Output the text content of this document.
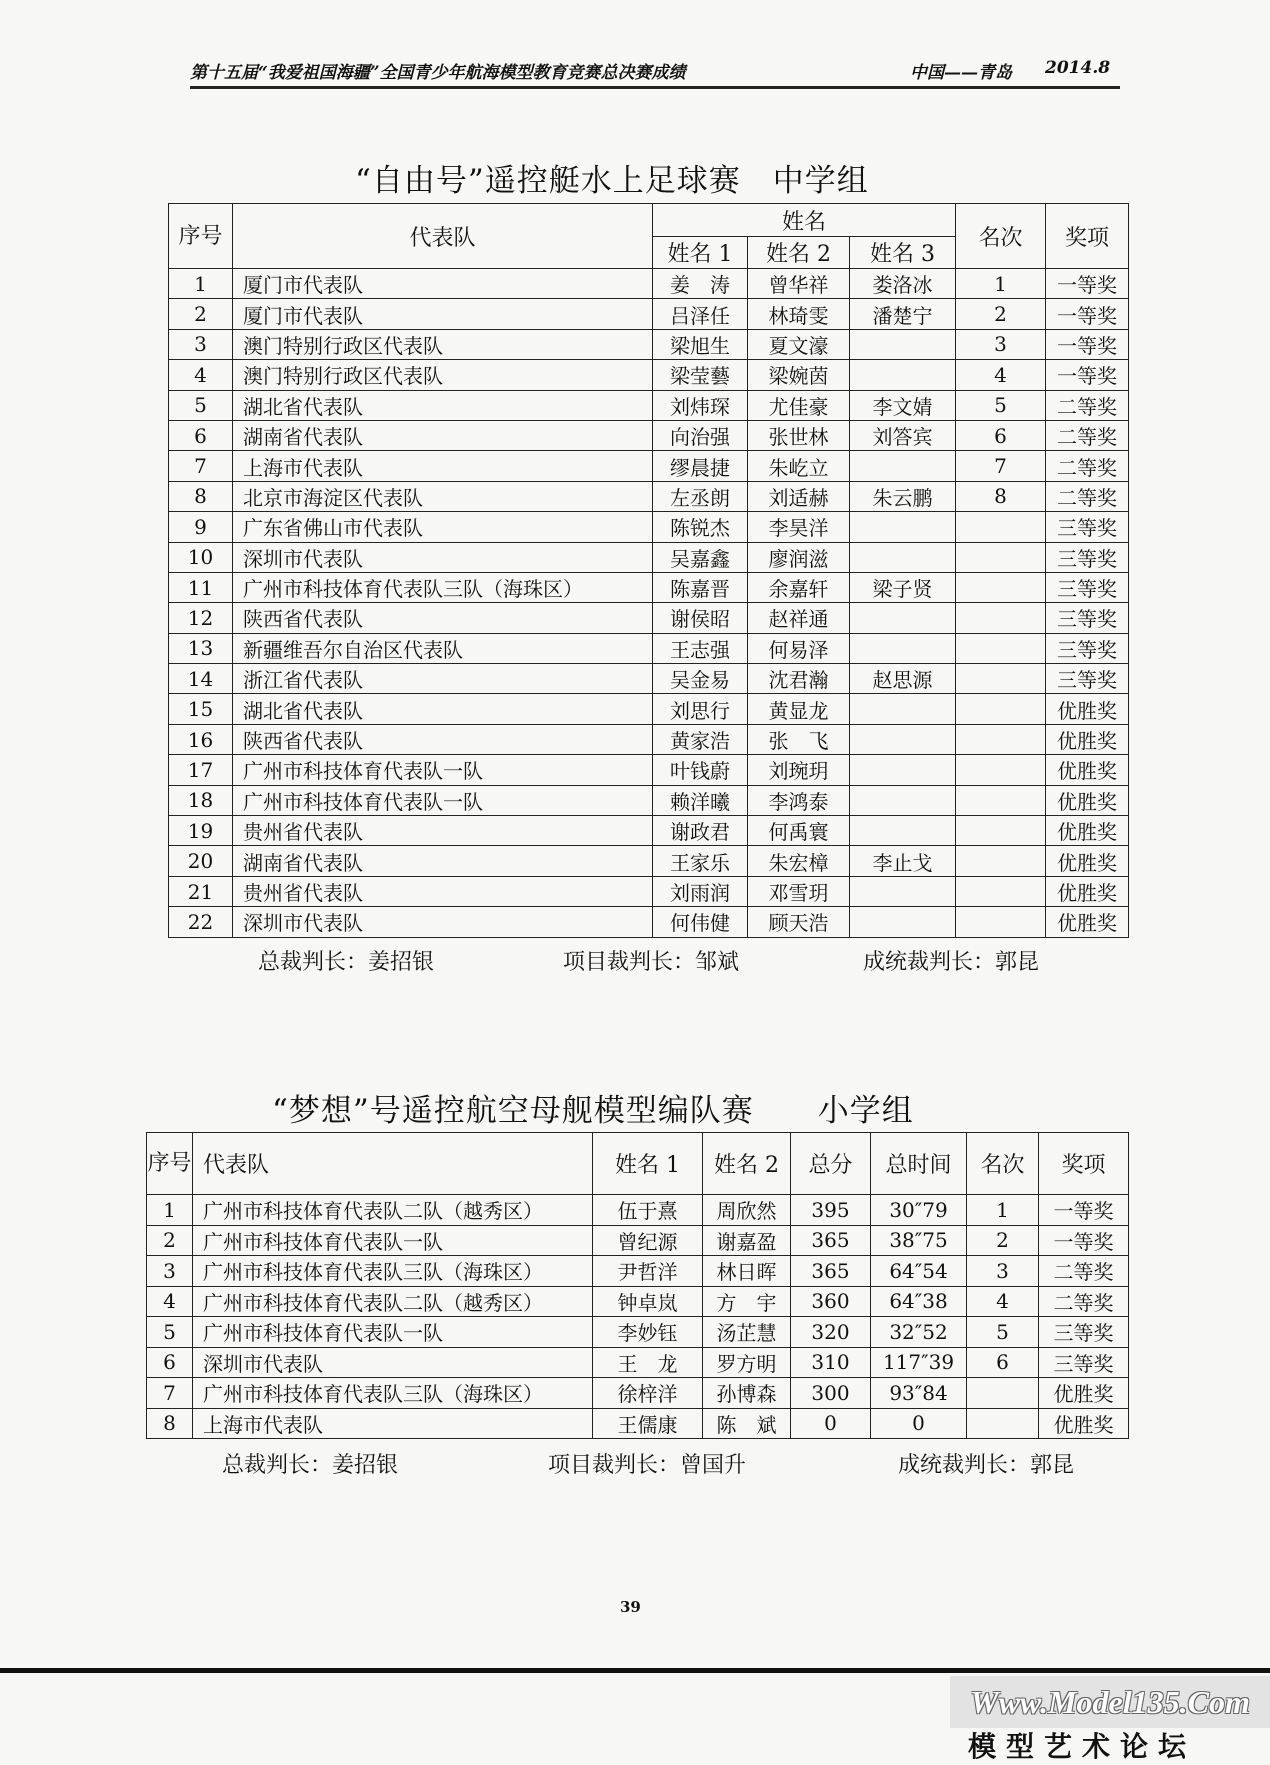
第十五届“我爱祖国海疆”全国青少年航海模型教育竞赛总决赛成绩	中国——青岛 2014.8
“自由号”遥控艇水上足球赛　中学组
序号	代表队	姓名			名次	奖项
		姓名 1	姓名 2	姓名 3		
1	厦门市代表队	姜　涛	曾华祥	娄洛冰	1	一等奖
2	厦门市代表队	吕泽任	林琦雯	潘楚宁	2	一等奖
3	澳门特别行政区代表队	梁旭生	夏文濠		3	一等奖
4	澳门特别行政区代表队	梁莹藝	梁婉茵		4	一等奖
5	湖北省代表队	刘炜琛	尤佳豪	李文婧	5	二等奖
6	湖南省代表队	向治强	张世林	刘答宾	6	二等奖
7	上海市代表队	缪晨捷	朱屹立		7	二等奖
8	北京市海淀区代表队	左丞朗	刘适赫	朱云鹏	8	二等奖
9	广东省佛山市代表队	陈锐杰	李昊洋			三等奖
10	深圳市代表队	吴嘉鑫	廖润滋			三等奖
11	广州市科技体育代表队三队（海珠区）	陈嘉晋	余嘉轩	梁子贤		三等奖
12	陕西省代表队	谢侯昭	赵祥通			三等奖
13	新疆维吾尔自治区代表队	王志强	何易泽			三等奖
14	浙江省代表队	吴金易	沈君瀚	赵思源		三等奖
15	湖北省代表队	刘思行	黄显龙			优胜奖
16	陕西省代表队	黄家浩	张　飞			优胜奖
17	广州市科技体育代表队一队	叶钱蔚	刘琬玥			优胜奖
18	广州市科技体育代表队一队	赖洋曦	李鸿泰			优胜奖
19	贵州省代表队	谢政君	何禹寰			优胜奖
20	湖南省代表队	王家乐	朱宏樟	李止戈		优胜奖
21	贵州省代表队	刘雨润	邓雪玥			优胜奖
22	深圳市代表队	何伟健	顾天浩			优胜奖
总裁判长：姜招银	项目裁判长：邹斌	成统裁判长：郭昆
“梦想”号遥控航空母舰模型编队赛　　小学组
序号	代表队	姓名 1	姓名 2	总分	总时间	名次	奖项
1	广州市科技体育代表队二队（越秀区）	伍于熹	周欣然	395	30″79	1	一等奖
2	广州市科技体育代表队一队	曾纪源	谢嘉盈	365	38″75	2	一等奖
3	广州市科技体育代表队三队（海珠区）	尹哲洋	林日晖	365	64″54	3	二等奖
4	广州市科技体育代表队二队（越秀区）	钟卓岚	方　宇	360	64″38	4	二等奖
5	广州市科技体育代表队一队	李妙钰	汤芷慧	320	32″52	5	三等奖
6	深圳市代表队	王　龙	罗方明	310	117″39	6	三等奖
7	广州市科技体育代表队三队（海珠区）	徐梓洋	孙博森	300	93″84		优胜奖
8	上海市代表队	王儒康	陈　斌	0	0		优胜奖
总裁判长：姜招银	项目裁判长：曾国升	成统裁判长：郭昆
39
Www.Model135.Com
模型艺术论坛
